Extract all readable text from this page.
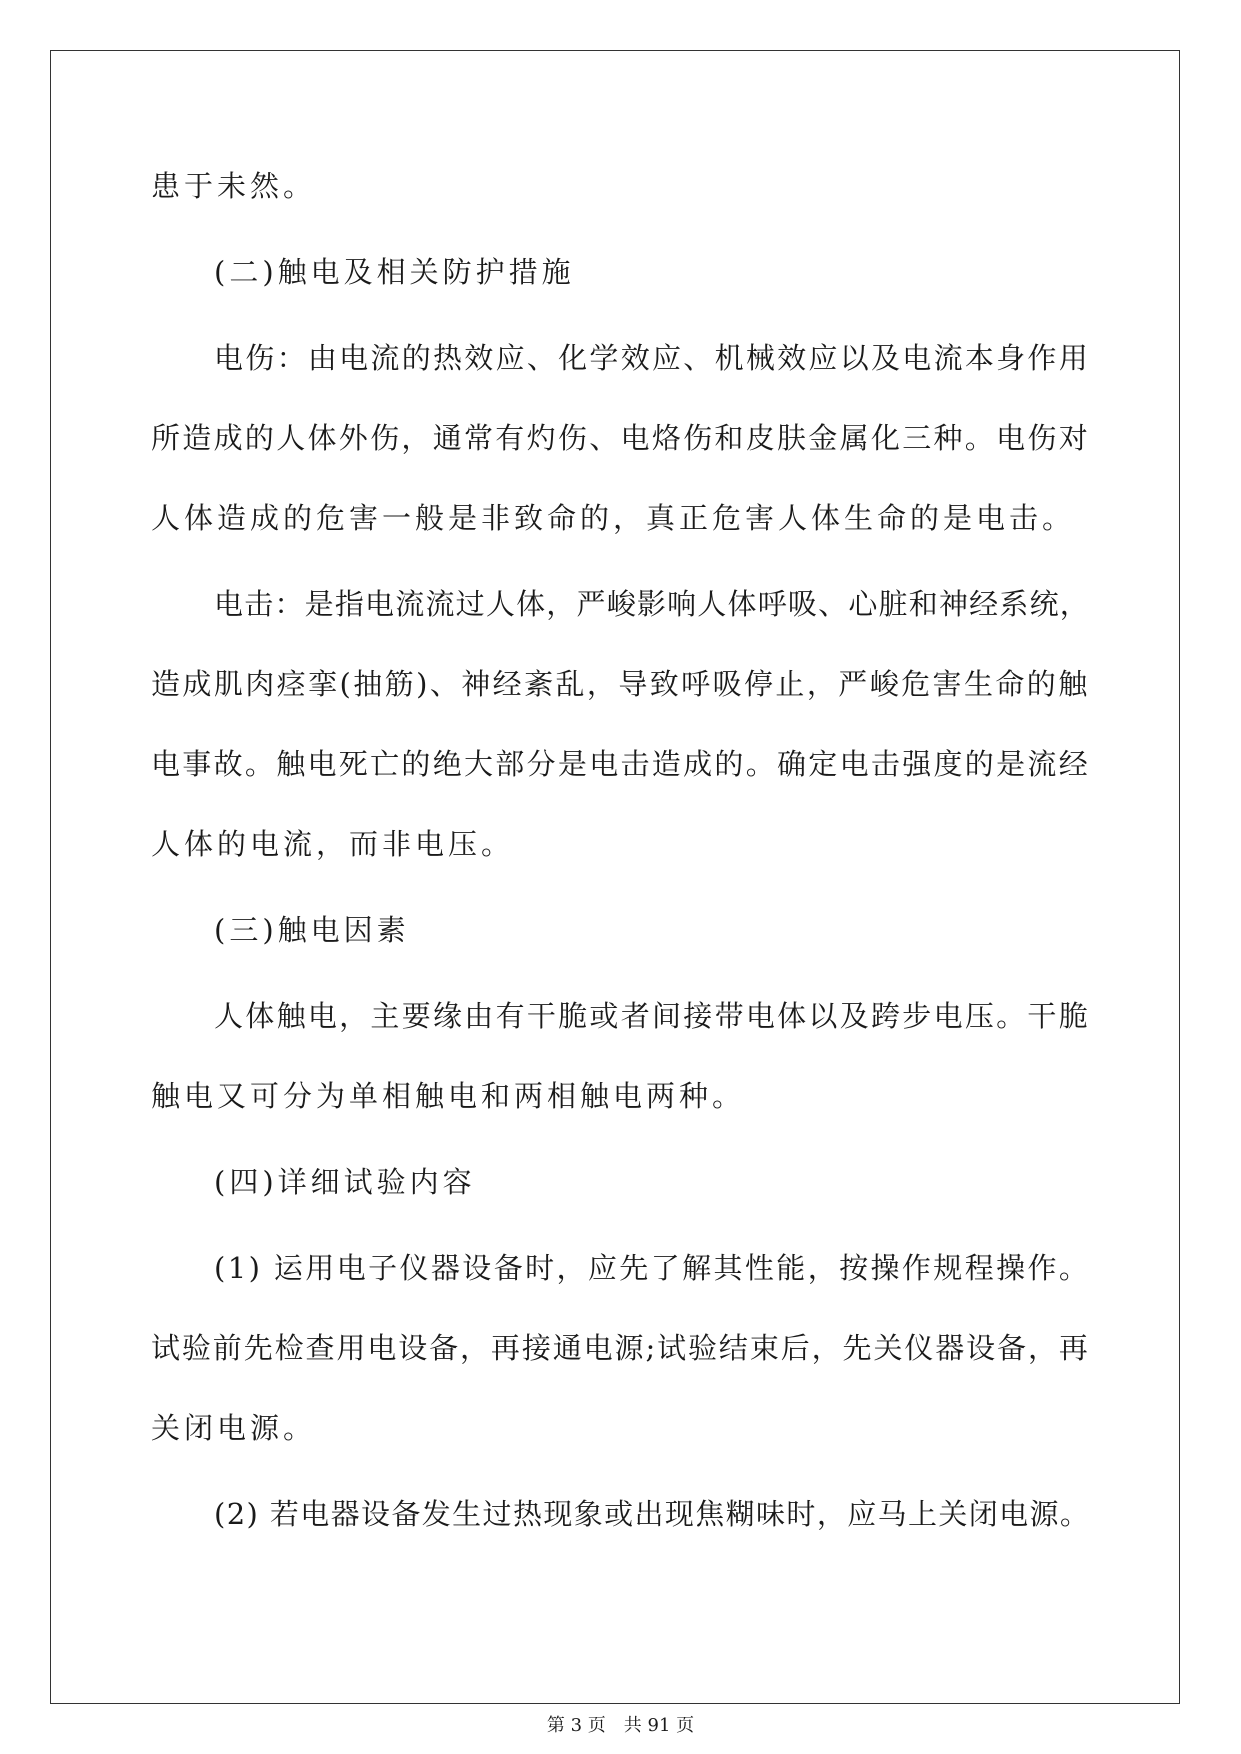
患于未然。
(二)触电及相关防护措施
电伤：由电流的热效应、化学效应、机械效应以及电流本身作用
所造成的人体外伤，通常有灼伤、电烙伤和皮肤金属化三种。电伤对
人体造成的危害一般是非致命的，真正危害人体生命的是电击。
电击：是指电流流过人体，严峻影响人体呼吸、心脏和神经系统，
造成肌肉痉挛(抽筋)、神经紊乱，导致呼吸停止，严峻危害生命的触
电事故。触电死亡的绝大部分是电击造成的。确定电击强度的是流经
人体的电流，而非电压。
(三)触电因素
人体触电，主要缘由有干脆或者间接带电体以及跨步电压。干脆
触电又可分为单相触电和两相触电两种。
(四)详细试验内容
(1) 运用电子仪器设备时，应先了解其性能，按操作规程操作。
试验前先检查用电设备，再接通电源;试验结束后，先关仪器设备，再
关闭电源。
(2) 若电器设备发生过热现象或出现焦糊味时，应马上关闭电源。
第 3 页 共 91 页
